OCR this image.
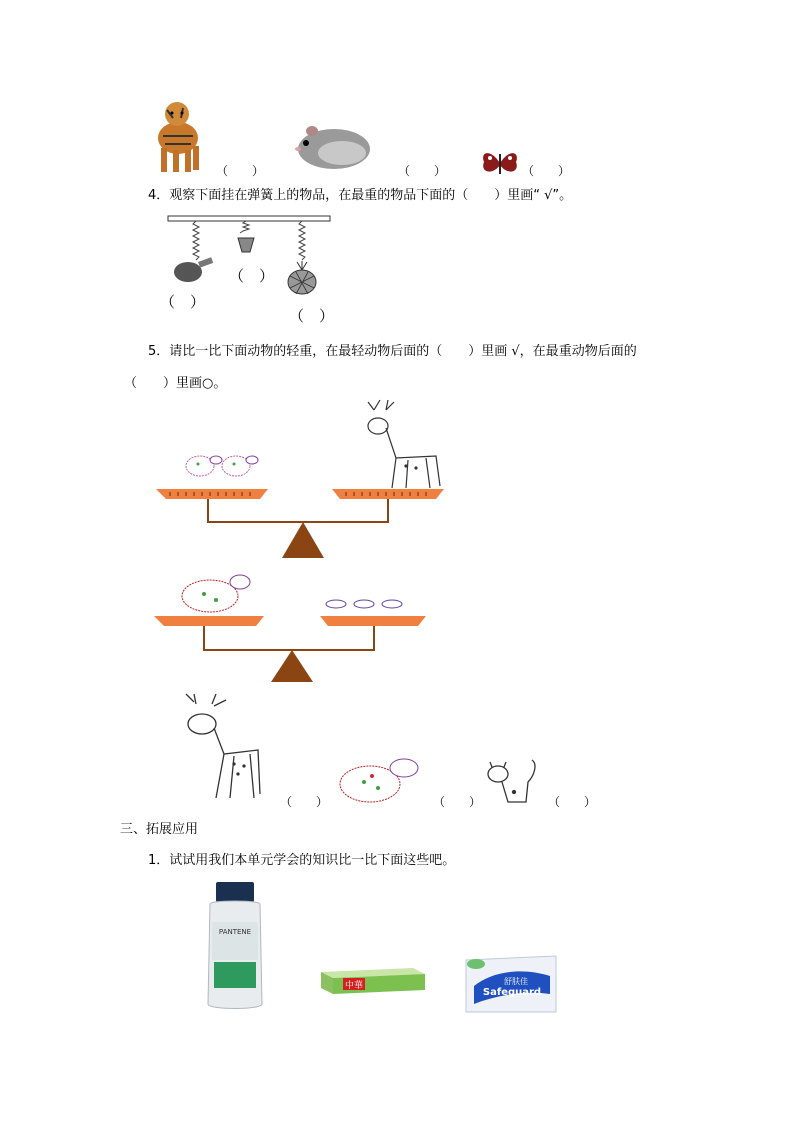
（　　）	（　　）	（　　）
4．观察下面挂在弹簧上的物品，在最重的物品下面的（　　）里画“ √”。
（　）
（　）
（　）
5．请比一比下面动物的轻重，在最轻动物后面的（　　）里画 √，在最重动物后面的
（　　）里画○。
（　　）	（　　）	（　　）
三、拓展应用
1．试试用我们本单元学会的知识比一比下面这些吧。
PANTENE
中華	舒肤佳
Safeguard
